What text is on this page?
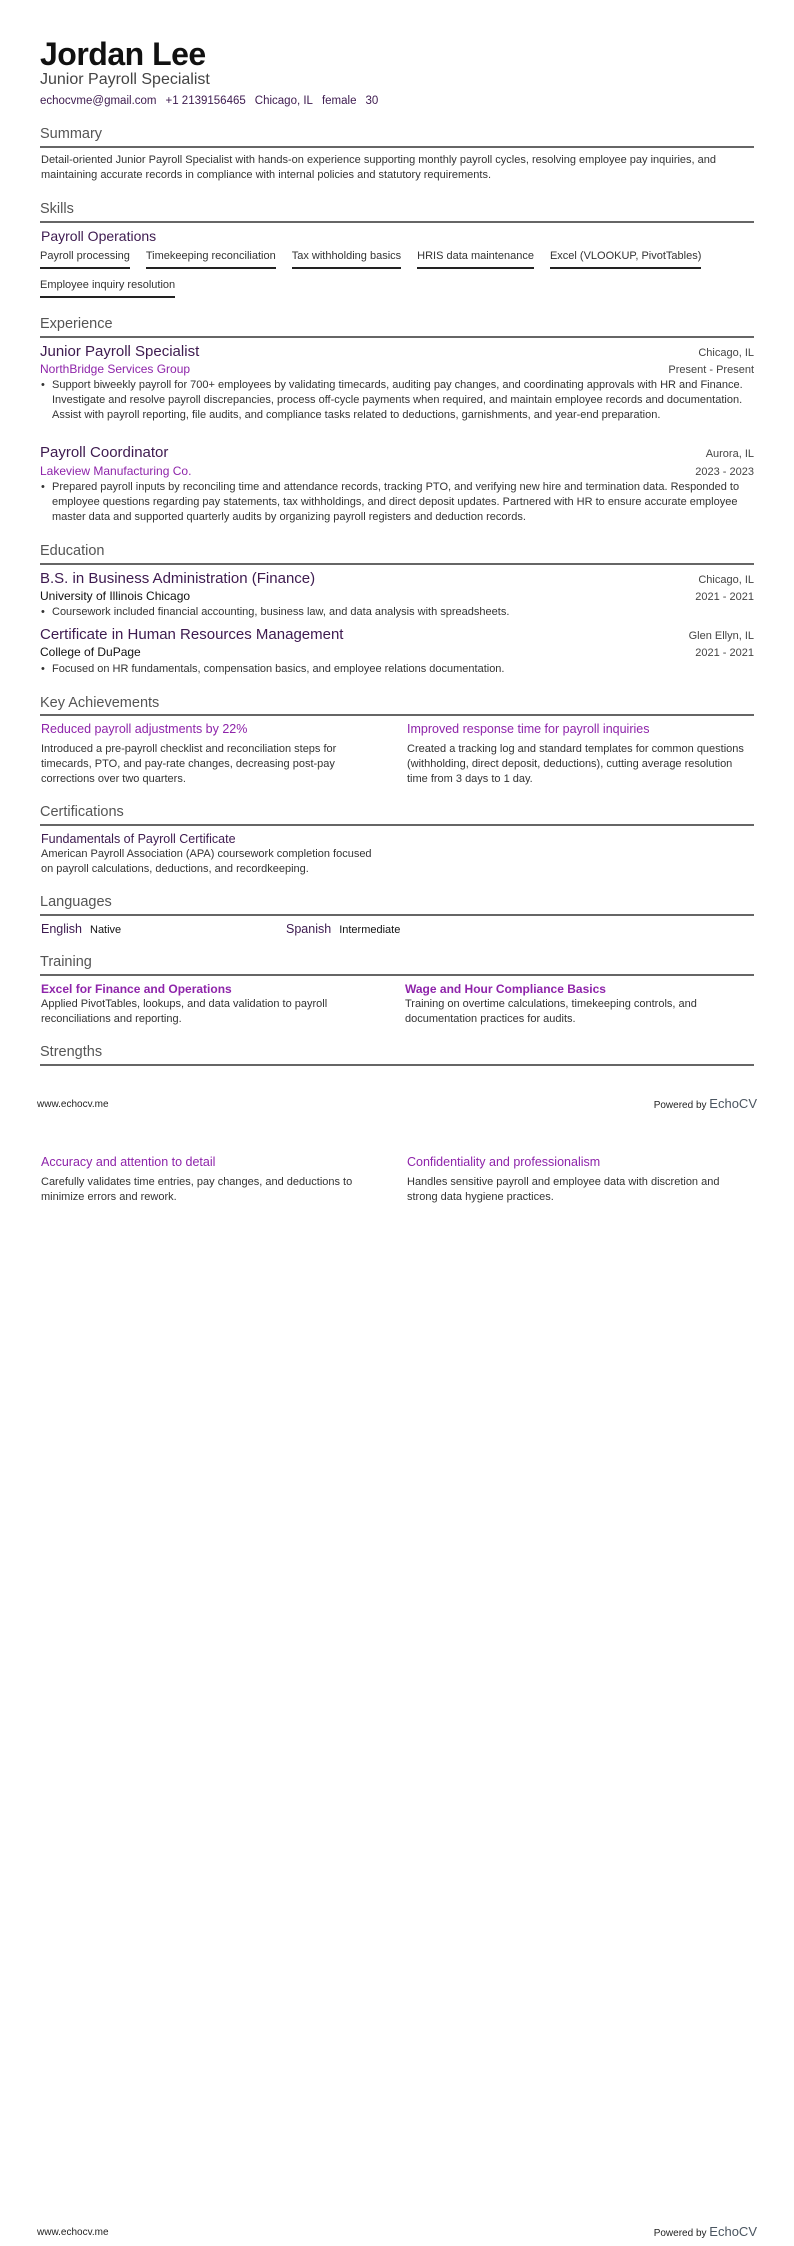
Jordan Lee
Junior Payroll Specialist
echocvme@gmail.com +1 2139156465 Chicago, IL female 30
Summary
Detail-oriented Junior Payroll Specialist with hands-on experience supporting monthly payroll cycles, resolving employee pay inquiries, and maintaining accurate records in compliance with internal policies and statutory requirements.
Skills
Payroll Operations
Payroll processing Timekeeping reconciliation Tax withholding basics HRIS data maintenance Excel (VLOOKUP, PivotTables)
Employee inquiry resolution
Experience
Junior Payroll Specialist	Chicago, IL
NorthBridge Services Group	Present - Present
• Support biweekly payroll for 700+ employees by validating timecards, auditing pay changes, and coordinating approvals with HR and Finance. Investigate and resolve payroll discrepancies, process off-cycle payments when required, and maintain employee records and documentation. Assist with payroll reporting, file audits, and compliance tasks related to deductions, garnishments, and year-end preparation.
Payroll Coordinator	Aurora, IL
Lakeview Manufacturing Co.	2023 - 2023
• Prepared payroll inputs by reconciling time and attendance records, tracking PTO, and verifying new hire and termination data. Responded to employee questions regarding pay statements, tax withholdings, and direct deposit updates. Partnered with HR to ensure accurate employee master data and supported quarterly audits by organizing payroll registers and deduction records.
Education
B.S. in Business Administration (Finance)	Chicago, IL
University of Illinois Chicago	2021 - 2021
• Coursework included financial accounting, business law, and data analysis with spreadsheets.
Certificate in Human Resources Management	Glen Ellyn, IL
College of DuPage	2021 - 2021
• Focused on HR fundamentals, compensation basics, and employee relations documentation.
Key Achievements
Reduced payroll adjustments by 22%
Introduced a pre-payroll checklist and reconciliation steps for timecards, PTO, and pay-rate changes, decreasing post-pay corrections over two quarters.
Improved response time for payroll inquiries
Created a tracking log and standard templates for common questions (withholding, direct deposit, deductions), cutting average resolution time from 3 days to 1 day.
Certifications
Fundamentals of Payroll Certificate
American Payroll Association (APA) coursework completion focused on payroll calculations, deductions, and recordkeeping.
Languages
English Native	Spanish Intermediate
Training
Excel for Finance and Operations
Applied PivotTables, lookups, and data validation to payroll reconciliations and reporting.
Wage and Hour Compliance Basics
Training on overtime calculations, timekeeping controls, and documentation practices for audits.
Strengths
www.echocv.me	Powered by EchoCV
Accuracy and attention to detail
Carefully validates time entries, pay changes, and deductions to minimize errors and rework.
Confidentiality and professionalism
Handles sensitive payroll and employee data with discretion and strong data hygiene practices.
www.echocv.me	Powered by EchoCV
